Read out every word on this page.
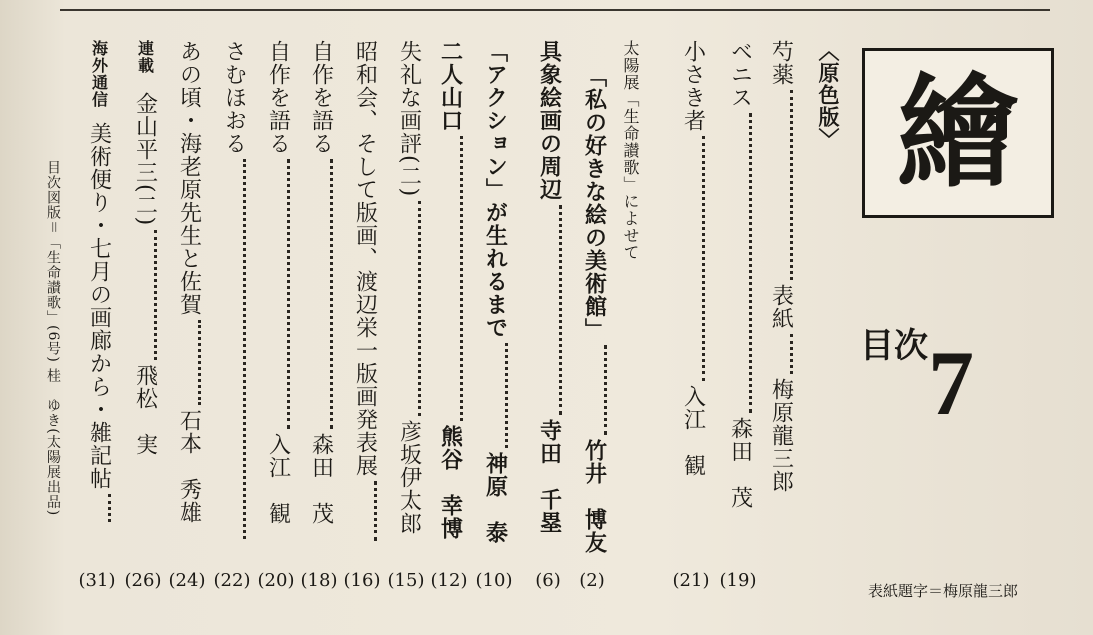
繪
目次 7
表紙題字＝梅原龍三郎
〈原色版〉
芍薬表紙梅原龍三郎
ベニス森田　茂
(19)
小さき者入江　観
(21)
太陽展「生命讃歌」によせて
「私の好きな絵の美術館」竹井　博友
(2)
具象絵画の周辺寺田　千塁
(6)
「アクション」が生れるまで神原　泰
(10)
二人山口熊谷　幸博
(12)
失礼な画評(二)彦坂伊太郎
(15)
昭和会、そして版画、渡辺栄一版画発表展
(16)
自作を語る森田　茂
(18)
自作を語る入江　観
(20)
さむほおる
(22)
あの頃・海老原先生と佐賀石本　秀雄
(24)
連載金山平三(二)飛松　実
(26)
海外通信美術便り・七月の画廊から・雑記帖
(31)
目次図版＝「生命讃歌」(6号) 桂　ゆき(太陽展出品)
